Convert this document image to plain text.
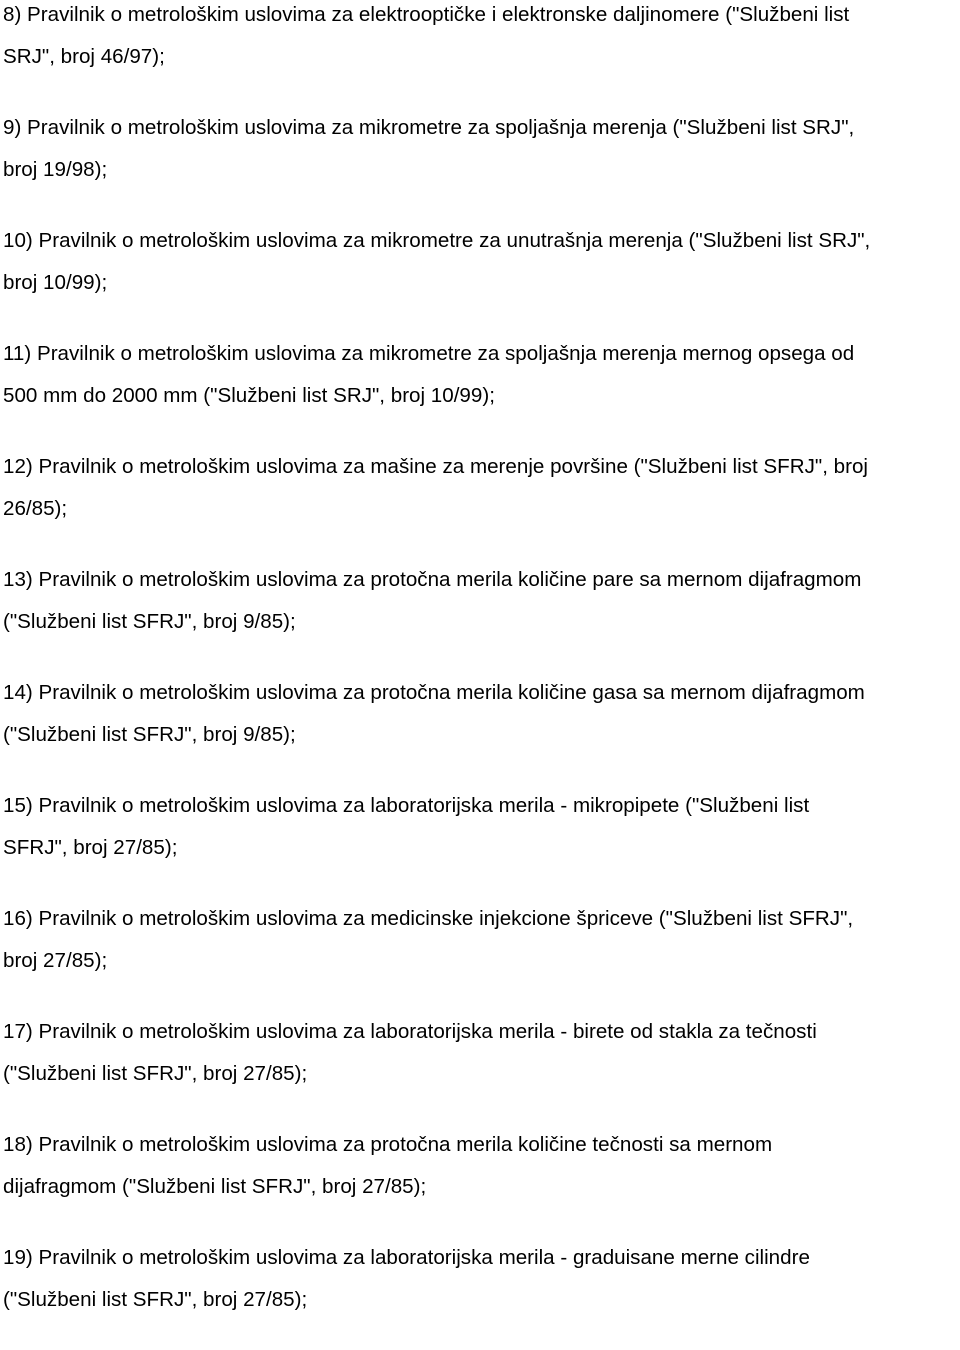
8) Pravilnik o metrološkim uslovima za elektrooptičke i elektronske daljinomere ("Službeni list
SRJ", broj 46/97);

9) Pravilnik o metrološkim uslovima za mikrometre za spoljašnja merenja ("Službeni list SRJ",
broj 19/98);

10) Pravilnik o metrološkim uslovima za mikrometre za unutrašnja merenja ("Službeni list SRJ",
broj 10/99);

11) Pravilnik o metrološkim uslovima za mikrometre za spoljašnja merenja mernog opsega od
500 mm do 2000 mm ("Službeni list SRJ", broj 10/99);

12) Pravilnik o metrološkim uslovima za mašine za merenje površine ("Službeni list SFRJ", broj
26/85);

13) Pravilnik o metrološkim uslovima za protočna merila količine pare sa mernom dijafragmom
("Službeni list SFRJ", broj 9/85);

14) Pravilnik o metrološkim uslovima za protočna merila količine gasa sa mernom dijafragmom
("Službeni list SFRJ", broj 9/85);

15) Pravilnik o metrološkim uslovima za laboratorijska merila - mikropipete ("Službeni list
SFRJ", broj 27/85);

16) Pravilnik o metrološkim uslovima za medicinske injekcione špriceve ("Službeni list SFRJ",
broj 27/85);

17) Pravilnik o metrološkim uslovima za laboratorijska merila - birete od stakla za tečnosti
("Službeni list SFRJ", broj 27/85);

18) Pravilnik o metrološkim uslovima za protočna merila količine tečnosti sa mernom
dijafragmom ("Službeni list SFRJ", broj 27/85);

19) Pravilnik o metrološkim uslovima za laboratorijska merila - graduisane merne cilindre
("Službeni list SFRJ", broj 27/85);
